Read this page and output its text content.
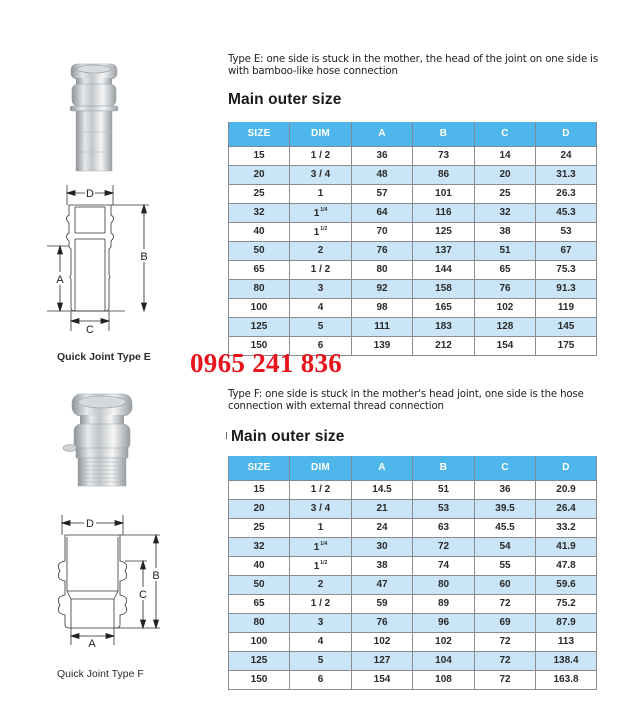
D
B
A
C
Quick Joint Type E
Type E: one side is stuck in the mother, the head of the joint on one side is
with bamboo-like hose connection
Main outer size
SIZE	DIM	A	B	C	D
15	1 / 2	36	73	14	24
20	3 / 4	48	86	20	31.3
25	1	57	101	25	26.3
32	$1^{1/4}$	64	116	32	45.3
40	$1^{1/2}$	70	125	38	53
50	2	76	137	51	67
65	1 / 2	80	144	65	75.3
80	3	92	158	76	91.3
100	4	98	165	102	119
125	5	111	183	128	145
150	6	139	212	154	175
0965 241 836
D
B
C
A
Quick Joint Type F
Type F: one side is stuck in the mother's head joint, one side is the hose
connection with external thread connection
Main outer size
SIZE	DIM	A	B	C	D
15	1 / 2	14.5	51	36	20.9
20	3 / 4	21	53	39.5	26.4
25	1	24	63	45.5	33.2
32	$1^{1/4}$	30	72	54	41.9
40	$1^{1/2}$	38	74	55	47.8
50	2	47	80	60	59.6
65	1 / 2	59	89	72	75.2
80	3	76	96	69	87.9
100	4	102	102	72	113
125	5	127	104	72	138.4
150	6	154	108	72	163.8
